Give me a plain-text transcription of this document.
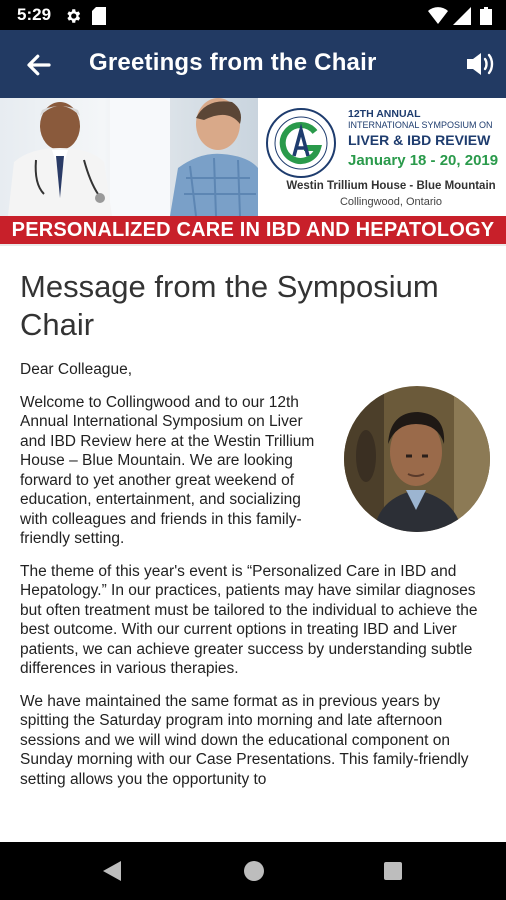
5:29
Greetings from the Chair
12TH ANNUAL
INTERNATIONAL SYMPOSIUM ON
LIVER & IBD REVIEW
January 18 - 20, 2019
Westin Trillium House - Blue Mountain
Collingwood, Ontario
PERSONALIZED CARE IN IBD AND HEPATOLOGY
Message from the Symposium Chair

Dear Colleague,

Welcome to Collingwood and to our 12th Annual International Symposium on Liver and IBD Review here at the Westin Trillium House – Blue Mountain. We are looking forward to yet another great weekend of education, entertainment, and socializing with colleagues and friends in this family-friendly setting.

The theme of this year's event is “Personalized Care in IBD and Hepatology.” In our practices, patients may have similar diagnoses but often treatment must be tailored to the individual to achieve the best outcome. With our current options in treating IBD and Liver patients, we can achieve greater success by understanding subtle differences in various therapies.

We have maintained the same format as in previous years by spitting the Saturday program into morning and late afternoon sessions and we will wind down the educational component on Sunday morning with our Case Presentations. This family-friendly setting allows you the opportunity to
